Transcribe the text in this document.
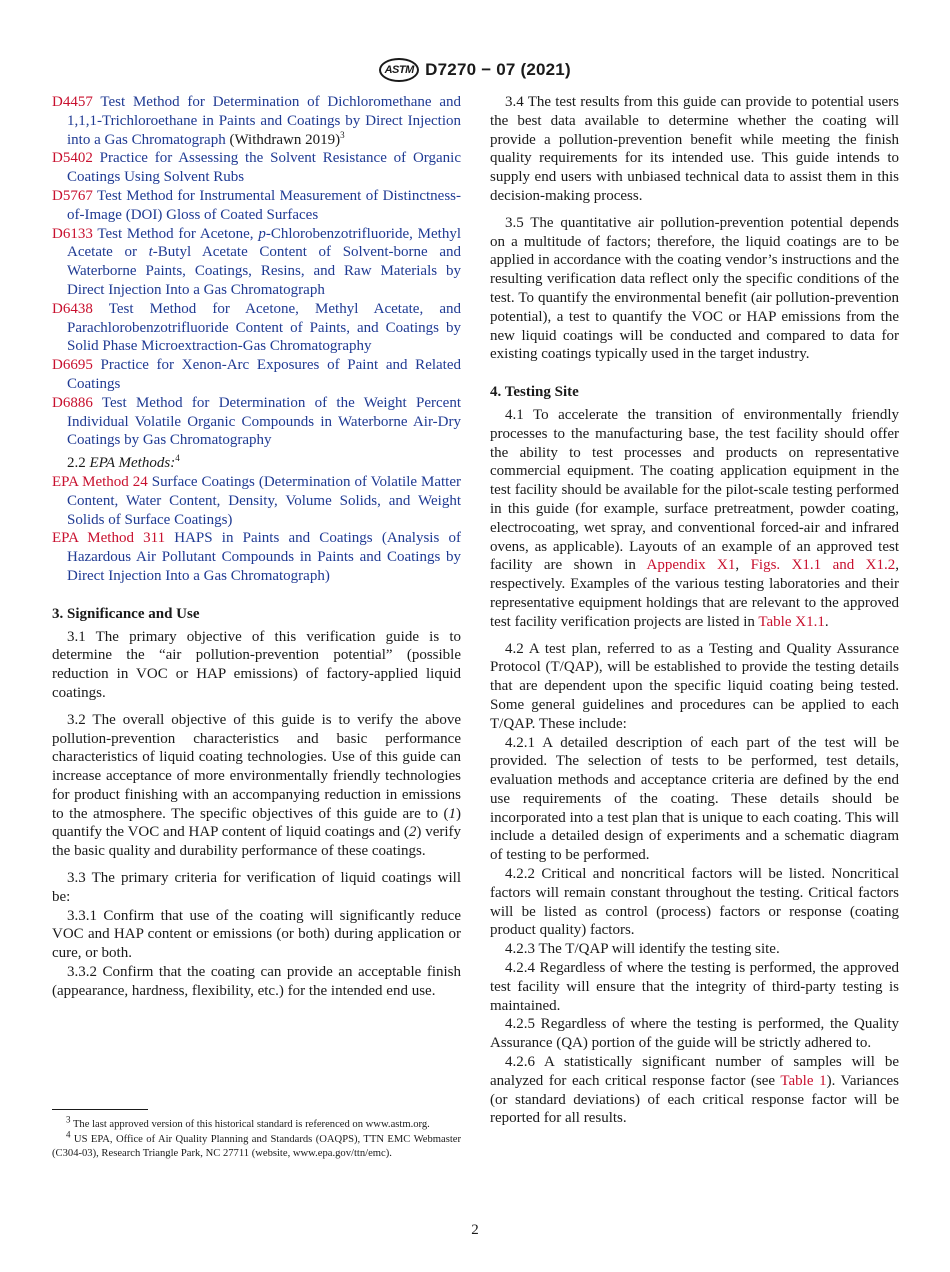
ASTM D7270 − 07 (2021)

D4457 Test Method for Determination of Dichloromethane and 1,1,1-Trichloroethane in Paints and Coatings by Direct Injection into a Gas Chromatograph (Withdrawn 2019)$^3$

D5402 Practice for Assessing the Solvent Resistance of Organic Coatings Using Solvent Rubs

D5767 Test Method for Instrumental Measurement of Distinctness-of-Image (DOI) Gloss of Coated Surfaces

D6133 Test Method for Acetone, p-Chlorobenzotrifluoride, Methyl Acetate or t-Butyl Acetate Content of Solvent-borne and Waterborne Paints, Coatings, Resins, and Raw Materials by Direct Injection Into a Gas Chromatograph

D6438 Test Method for Acetone, Methyl Acetate, and Parachlorobenzotrifluoride Content of Paints, and Coatings by Solid Phase Microextraction-Gas Chromatography

D6695 Practice for Xenon-Arc Exposures of Paint and Related Coatings

D6886 Test Method for Determination of the Weight Percent Individual Volatile Organic Compounds in Waterborne Air-Dry Coatings by Gas Chromatography

2.2 EPA Methods:$^4$

EPA Method 24 Surface Coatings (Determination of Volatile Matter Content, Water Content, Density, Volume Solids, and Weight Solids of Surface Coatings)

EPA Method 311 HAPS in Paints and Coatings (Analysis of Hazardous Air Pollutant Compounds in Paints and Coatings by Direct Injection Into a Gas Chromatograph)

3. Significance and Use

3.1 The primary objective of this verification guide is to determine the “air pollution-prevention potential” (possible reduction in VOC or HAP emissions) of factory-applied liquid coatings.

3.2 The overall objective of this guide is to verify the above pollution-prevention characteristics and basic performance characteristics of liquid coating technologies. Use of this guide can increase acceptance of more environmentally friendly technologies for product finishing with an accompanying reduction in emissions to the atmosphere. The specific objectives of this guide are to (1) quantify the VOC and HAP content of liquid coatings and (2) verify the basic quality and durability performance of these coatings.

3.3 The primary criteria for verification of liquid coatings will be:

3.3.1 Confirm that use of the coating will significantly reduce VOC and HAP content or emissions (or both) during application or cure, or both.

3.3.2 Confirm that the coating can provide an acceptable finish (appearance, hardness, flexibility, etc.) for the intended end use.

3.4 The test results from this guide can provide to potential users the best data available to determine whether the coating will provide a pollution-prevention benefit while meeting the finish quality requirements for its intended use. This guide intends to supply end users with unbiased technical data to assist them in this decision-making process.

3.5 The quantitative air pollution-prevention potential depends on a multitude of factors; therefore, the liquid coatings are to be applied in accordance with the coating vendor’s instructions and the resulting verification data reflect only the specific conditions of the test. To quantify the environmental benefit (air pollution-prevention potential), a test to quantify the VOC or HAP emissions from the new liquid coatings will be conducted and compared to data for existing coatings typically used in the target industry.

4. Testing Site

4.1 To accelerate the transition of environmentally friendly processes to the manufacturing base, the test facility should offer the ability to test processes and products on representative commercial equipment. The coating application equipment in the test facility should be available for the pilot-scale testing performed in this guide (for example, surface pretreatment, powder coating, electrocoating, wet spray, and conventional forced-air and infrared ovens, as applicable). Layouts of an example of an approved test facility are shown in Appendix X1, Figs. X1.1 and X1.2, respectively. Examples of the various testing laboratories and their representative equipment holdings that are relevant to the approved test facility verification projects are listed in Table X1.1.

4.2 A test plan, referred to as a Testing and Quality Assurance Protocol (T/QAP), will be established to provide the testing details that are dependent upon the specific liquid coating being tested. Some general guidelines and procedures can be applied to each T/QAP. These include:

4.2.1 A detailed description of each part of the test will be provided. The selection of tests to be performed, test details, evaluation methods and acceptance criteria are defined by the end use requirements of the coating. These details should be incorporated into a test plan that is unique to each coating. This will include a detailed design of experiments and a schematic diagram of testing to be performed.

4.2.2 Critical and noncritical factors will be listed. Noncritical factors will remain constant throughout the testing. Critical factors will be listed as control (process) factors or response (coating product quality) factors.

4.2.3 The T/QAP will identify the testing site.

4.2.4 Regardless of where the testing is performed, the approved test facility will ensure that the integrity of third-party testing is maintained.

4.2.5 Regardless of where the testing is performed, the Quality Assurance (QA) portion of the guide will be strictly adhered to.

4.2.6 A statistically significant number of samples will be analyzed for each critical response factor (see Table 1). Variances (or standard deviations) of each critical response factor will be reported for all results.

$^3$ The last approved version of this historical standard is referenced on www.astm.org.

$^4$ US EPA, Office of Air Quality Planning and Standards (OAQPS), TTN EMC Webmaster (C304-03), Research Triangle Park, NC 27711 (website, www.epa.gov/ttn/emc).

2
